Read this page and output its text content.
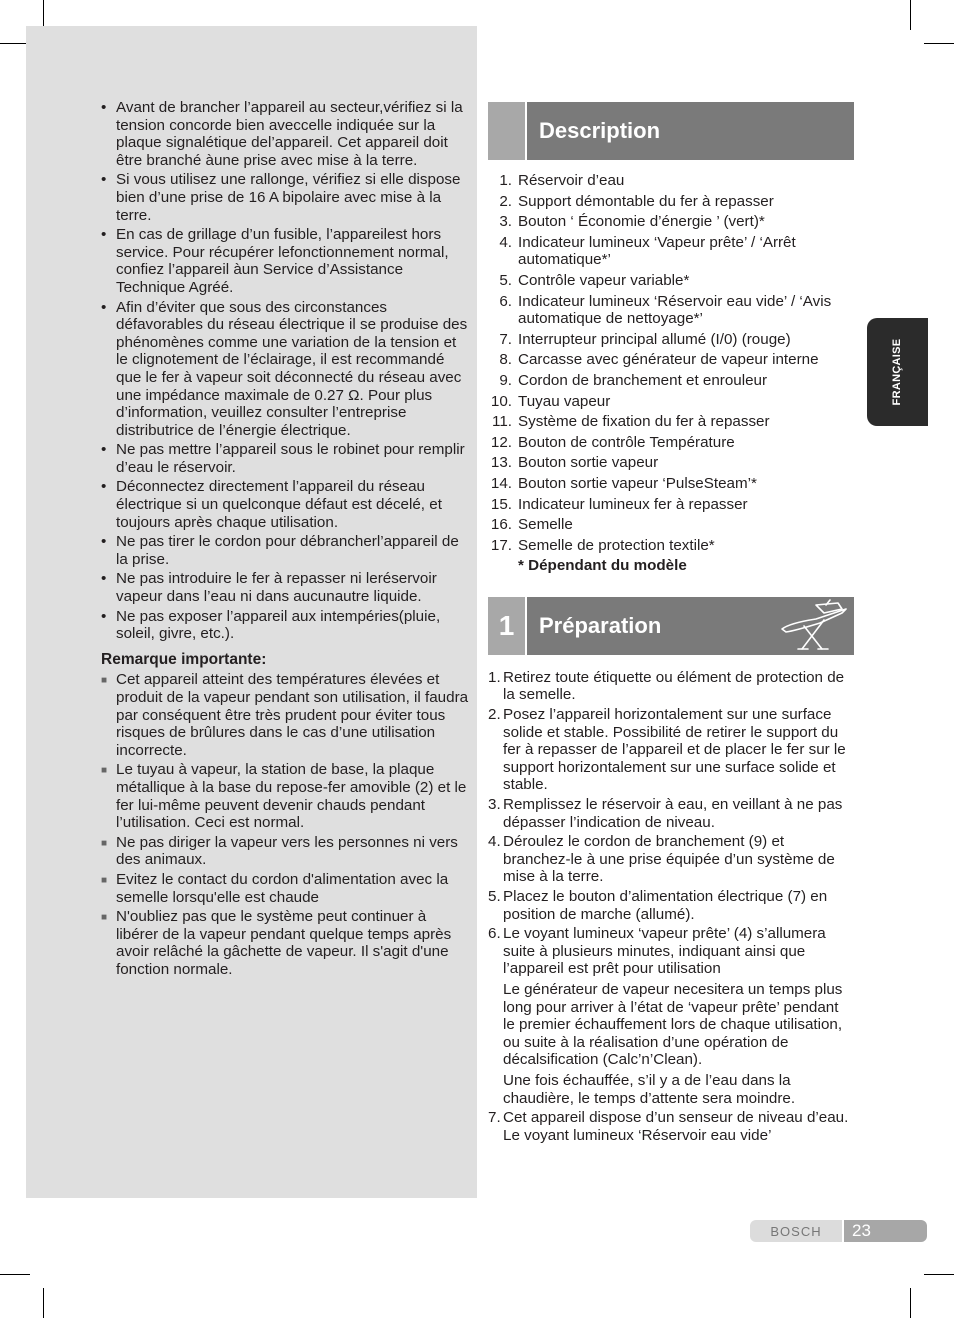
• Avant de brancher l’appareil au secteur,vérifiez si la tension concorde bien aveccelle indiquée sur la plaque signalétique del’appareil. Cet appareil doit être branché àune prise avec mise à la terre.
• Si vous utilisez une rallonge, vérifiez si elle dispose bien d’une prise de 16 A bipolaire avec mise à la terre.
• En cas de grillage d’un fusible, l’appareilest hors service. Pour récupérer lefonctionnement normal, confiez l’appareil àun Service d’Assistance Technique Agréé.
• Afin d’éviter que sous des circonstances défavorables du réseau électrique il se produise des phénomènes comme une variation de la tension et le clignotement de l’éclairage, il est recommandé que le fer à vapeur soit déconnecté du réseau avec une impédance maximale de 0.27 Ω. Pour plus d’information, veuillez consulter l’entreprise distributrice de l’énergie électrique.
• Ne pas mettre l’appareil sous le robinet pour remplir d’eau le réservoir.
• Déconnectez directement l’appareil du réseau électrique si un quelconque défaut est décelé, et toujours après chaque utilisation.
• Ne pas tirer le cordon pour débrancherl’appareil de la prise.
• Ne pas introduire le fer à repasser ni leréservoir vapeur dans l’eau ni dans aucunautre liquide.
• Ne pas exposer l’appareil aux intempéries(pluie, soleil, givre, etc.).
Remarque importante:
■ Cet appareil atteint des températures élevées et produit de la vapeur pendant son utilisation, il faudra par conséquent être très prudent pour éviter tous risques de brûlures dans le cas d’une utilisation incorrecte.
■ Le tuyau à vapeur, la station de base, la plaque métallique à la base du repose-fer amovible (2) et le fer lui-même peuvent devenir chauds pendant l’utilisation. Ceci est normal.
■ Ne pas diriger la vapeur vers les personnes ni vers des animaux.
■ Evitez le contact du cordon d'alimentation avec la semelle lorsqu'elle est chaude
■ N'oubliez pas que le système peut continuer à libérer de la vapeur pendant quelque temps après avoir relâché la gâchette de vapeur. Il s'agit d'une fonction normale.
Description
1. Réservoir d’eau
2. Support démontable du fer à repasser
3. Bouton ‘ Économie d’énergie ’ (vert)*
4. Indicateur lumineux ‘Vapeur prête’ / ‘Arrêt automatique*’
5. Contrôle vapeur variable*
6. Indicateur lumineux ‘Réservoir eau vide’ / ‘Avis automatique de nettoyage*’
7. Interrupteur principal allumé (I/0) (rouge)
8. Carcasse avec générateur de vapeur interne
9. Cordon de branchement et enrouleur
10. Tuyau vapeur
11. Système de fixation du fer à repasser
12. Bouton de contrôle Température
13. Bouton sortie vapeur
14. Bouton sortie vapeur ‘PulseSteam’*
15. Indicateur lumineux fer à repasser
16. Semelle
17. Semelle de protection textile*
* Dépendant du modèle
1	Préparation
1. Retirez toute étiquette ou élément de protection de la semelle.
2. Posez l’appareil horizontalement sur une surface solide et stable. Possibilité de retirer le support du fer à repasser de l’appareil et de placer le fer sur le support horizontalement sur une surface solide et stable.
3. Remplissez le réservoir à eau, en veillant à ne pas dépasser l’indication de niveau.
4. Déroulez le cordon de branchement (9) et branchez-le à une prise équipée d’un système de mise à la terre.
5. Placez le bouton d’alimentation électrique (7) en position de marche (allumé).
6. Le voyant lumineux ‘vapeur prête’ (4) s’allumera suite à plusieurs minutes, indiquant ainsi que l’appareil est prêt pour utilisation

Le générateur de vapeur necesitera un temps plus long pour arriver à l’état de ‘vapeur prête’ pendant le premier échauffement lors de chaque utilisation, ou suite à la réalisation d’une opération de décalsification (Calc’n’Clean).

Une fois échauffée, s’il y a de l’eau dans la chaudière, le temps d’attente sera moindre.

7. Cet appareil dispose d’un senseur de niveau d’eau. Le voyant lumineux ‘Réservoir eau vide’
FRANÇAISE
BOSCH	23
